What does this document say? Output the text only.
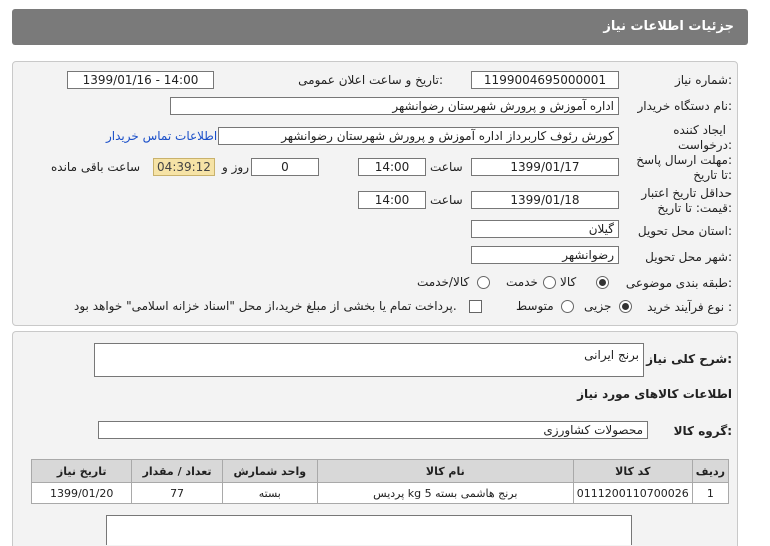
جزئیات اطلاعات نیاز
شماره نیاز:
1199004695000001
تاریخ و ساعت اعلان عمومی:
1399/01/16 - 14:00
نام دستگاه خریدار:
اداره آموزش و پرورش شهرستان رضوانشهر
ایجاد کننده
درخواست:
کورش رئوف کاربرداز اداره آموزش و پرورش شهرستان رضوانشهر
اطلاعات تماس خریدار
مهلت ارسال پاسخ:
تا تاریخ:
1399/01/17
ساعت
14:00
0
روز و
04:39:12
ساعت باقی مانده
حداقل تاریخ اعتبار
قیمت: تا تاریخ:
1399/01/18
ساعت
14:00
استان محل تحویل:
گیلان
شهر محل تحویل:
رضوانشهر
طبقه بندی موضوعی:
کالا
خدمت
کالا/خدمت
نوع فرآیند خرید :
جزیی
متوسط
پرداخت تمام یا بخشی از مبلغ خرید،از محل "اسناد خزانه اسلامی" خواهد بود.
شرح کلی نیاز:
برنج ایرانی
اطلاعات کالاهای مورد نیاز
گروه کالا:
محصولات کشاورزی
ردیف	کد کالا	نام کالا	واحد شمارش	تعداد / مقدار	تاریخ نیاز
1	0111200110700026	برنج هاشمی بسته 5 kg پردیس	بسته	77	1399/01/20
